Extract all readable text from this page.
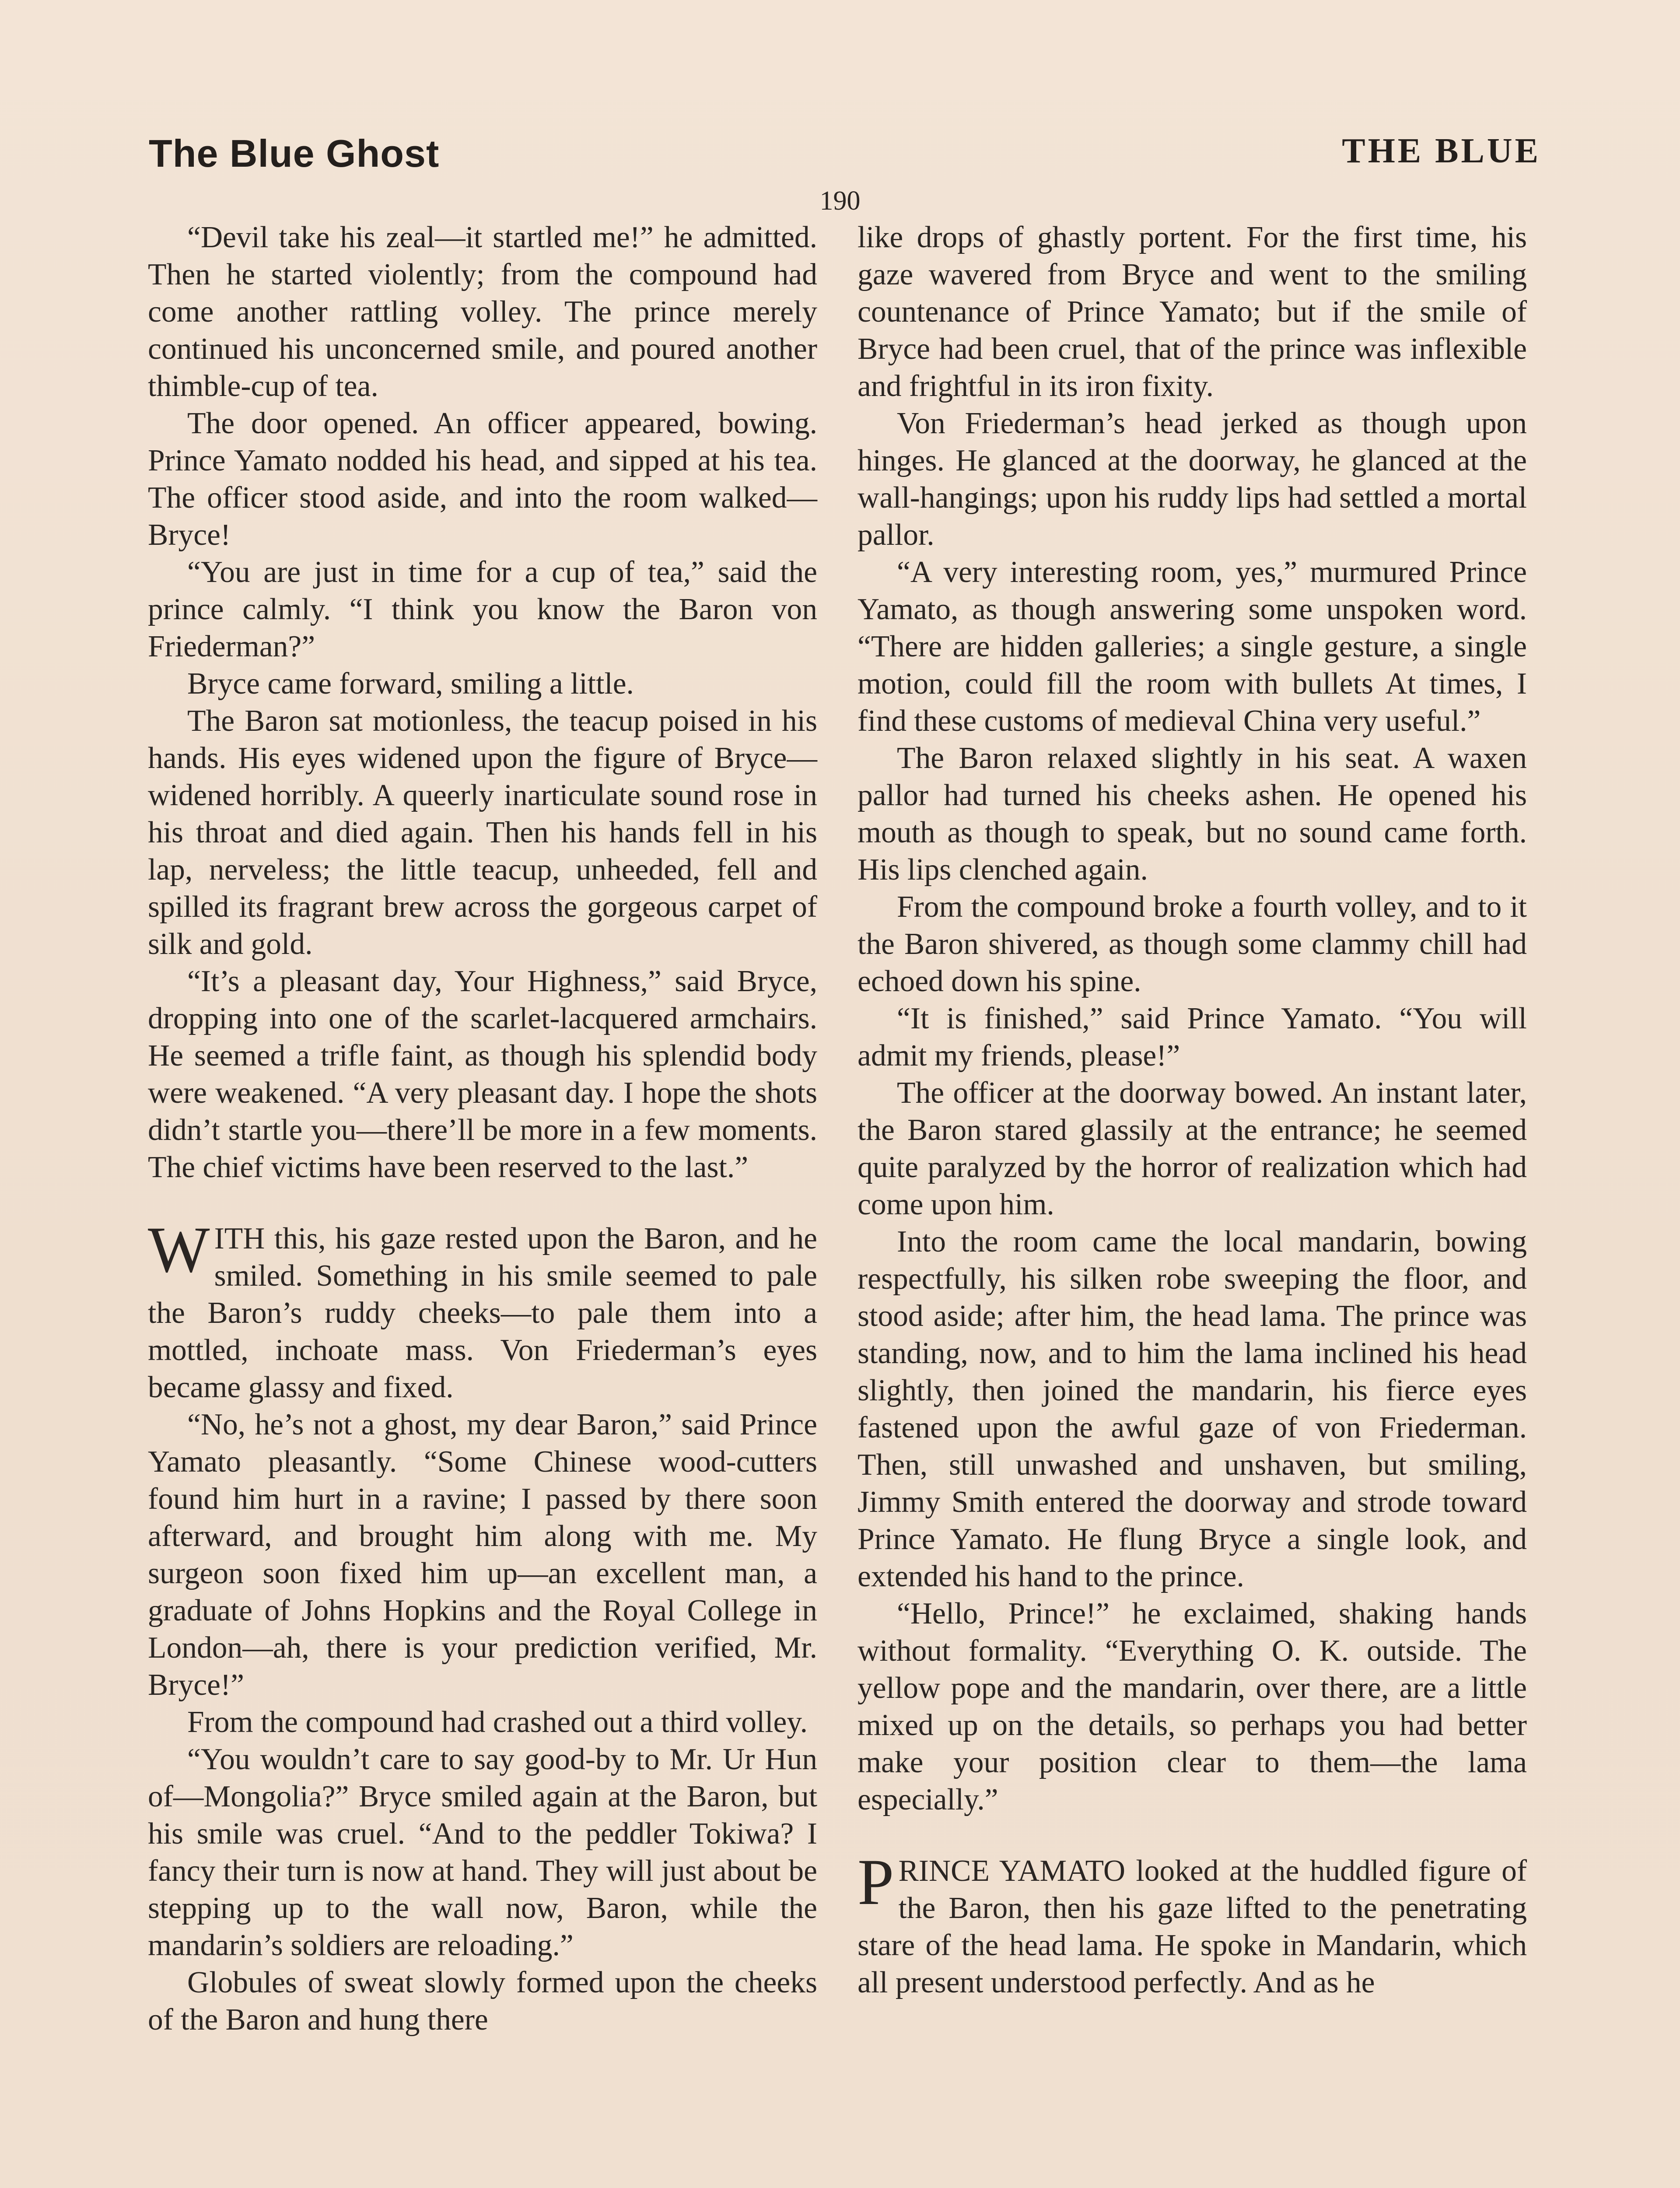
The Blue Ghost	THE BLUE
190

“Devil take his zeal—it startled me!” he admitted. Then he started violently; from the compound had come another rattling volley. The prince merely continued his unconcerned smile, and poured another thimble-cup of tea.

The door opened. An officer appeared, bowing. Prince Yamato nodded his head, and sipped at his tea. The officer stood aside, and into the room walked—Bryce!

“You are just in time for a cup of tea,” said the prince calmly. “I think you know the Baron von Friederman?”

Bryce came forward, smiling a little.

The Baron sat motionless, the teacup poised in his hands. His eyes widened upon the figure of Bryce—widened horribly. A queerly inarticulate sound rose in his throat and died again. Then his hands fell in his lap, nerveless; the little teacup, unheeded, fell and spilled its fragrant brew across the gorgeous carpet of silk and gold.

“It’s a pleasant day, Your Highness,” said Bryce, dropping into one of the scarlet-lacquered armchairs. He seemed a trifle faint, as though his splendid body were weakened. “A very pleasant day. I hope the shots didn’t startle you—there’ll be more in a few moments. The chief victims have been reserved to the last.”

WITH this, his gaze rested upon the Baron, and he smiled. Something in his smile seemed to pale the Baron’s ruddy cheeks—to pale them into a mottled, inchoate mass. Von Friederman’s eyes became glassy and fixed.

“No, he’s not a ghost, my dear Baron,” said Prince Yamato pleasantly. “Some Chinese wood-cutters found him hurt in a ravine; I passed by there soon afterward, and brought him along with me. My surgeon soon fixed him up—an excellent man, a graduate of Johns Hopkins and the Royal College in London—ah, there is your prediction verified, Mr. Bryce!”

From the compound had crashed out a third volley.

“You wouldn’t care to say good-by to Mr. Ur Hun of—Mongolia?” Bryce smiled again at the Baron, but his smile was cruel. “And to the peddler Tokiwa? I fancy their turn is now at hand. They will just about be stepping up to the wall now, Baron, while the mandarin’s soldiers are reloading.”

Globules of sweat slowly formed upon the cheeks of the Baron and hung there

like drops of ghastly portent. For the first time, his gaze wavered from Bryce and went to the smiling countenance of Prince Yamato; but if the smile of Bryce had been cruel, that of the prince was inflexible and frightful in its iron fixity.

Von Friederman’s head jerked as though upon hinges. He glanced at the doorway, he glanced at the wall-hangings; upon his ruddy lips had settled a mortal pallor.

“A very interesting room, yes,” murmured Prince Yamato, as though answering some unspoken word. “There are hidden galleries; a single gesture, a single motion, could fill the room with bullets At times, I find these customs of medieval China very useful.”

The Baron relaxed slightly in his seat. A waxen pallor had turned his cheeks ashen. He opened his mouth as though to speak, but no sound came forth. His lips clenched again.

From the compound broke a fourth volley, and to it the Baron shivered, as though some clammy chill had echoed down his spine.

“It is finished,” said Prince Yamato. “You will admit my friends, please!”

The officer at the doorway bowed. An instant later, the Baron stared glassily at the entrance; he seemed quite paralyzed by the horror of realization which had come upon him.

Into the room came the local mandarin, bowing respectfully, his silken robe sweeping the floor, and stood aside; after him, the head lama. The prince was standing, now, and to him the lama inclined his head slightly, then joined the mandarin, his fierce eyes fastened upon the awful gaze of von Friederman. Then, still unwashed and unshaven, but smiling, Jimmy Smith entered the doorway and strode toward Prince Yamato. He flung Bryce a single look, and extended his hand to the prince.

“Hello, Prince!” he exclaimed, shaking hands without formality. “Everything O. K. outside. The yellow pope and the mandarin, over there, are a little mixed up on the details, so perhaps you had better make your position clear to them—the lama especially.”

PRINCE YAMATO looked at the huddled figure of the Baron, then his gaze lifted to the penetrating stare of the head lama. He spoke in Mandarin, which all present understood perfectly. And as he
